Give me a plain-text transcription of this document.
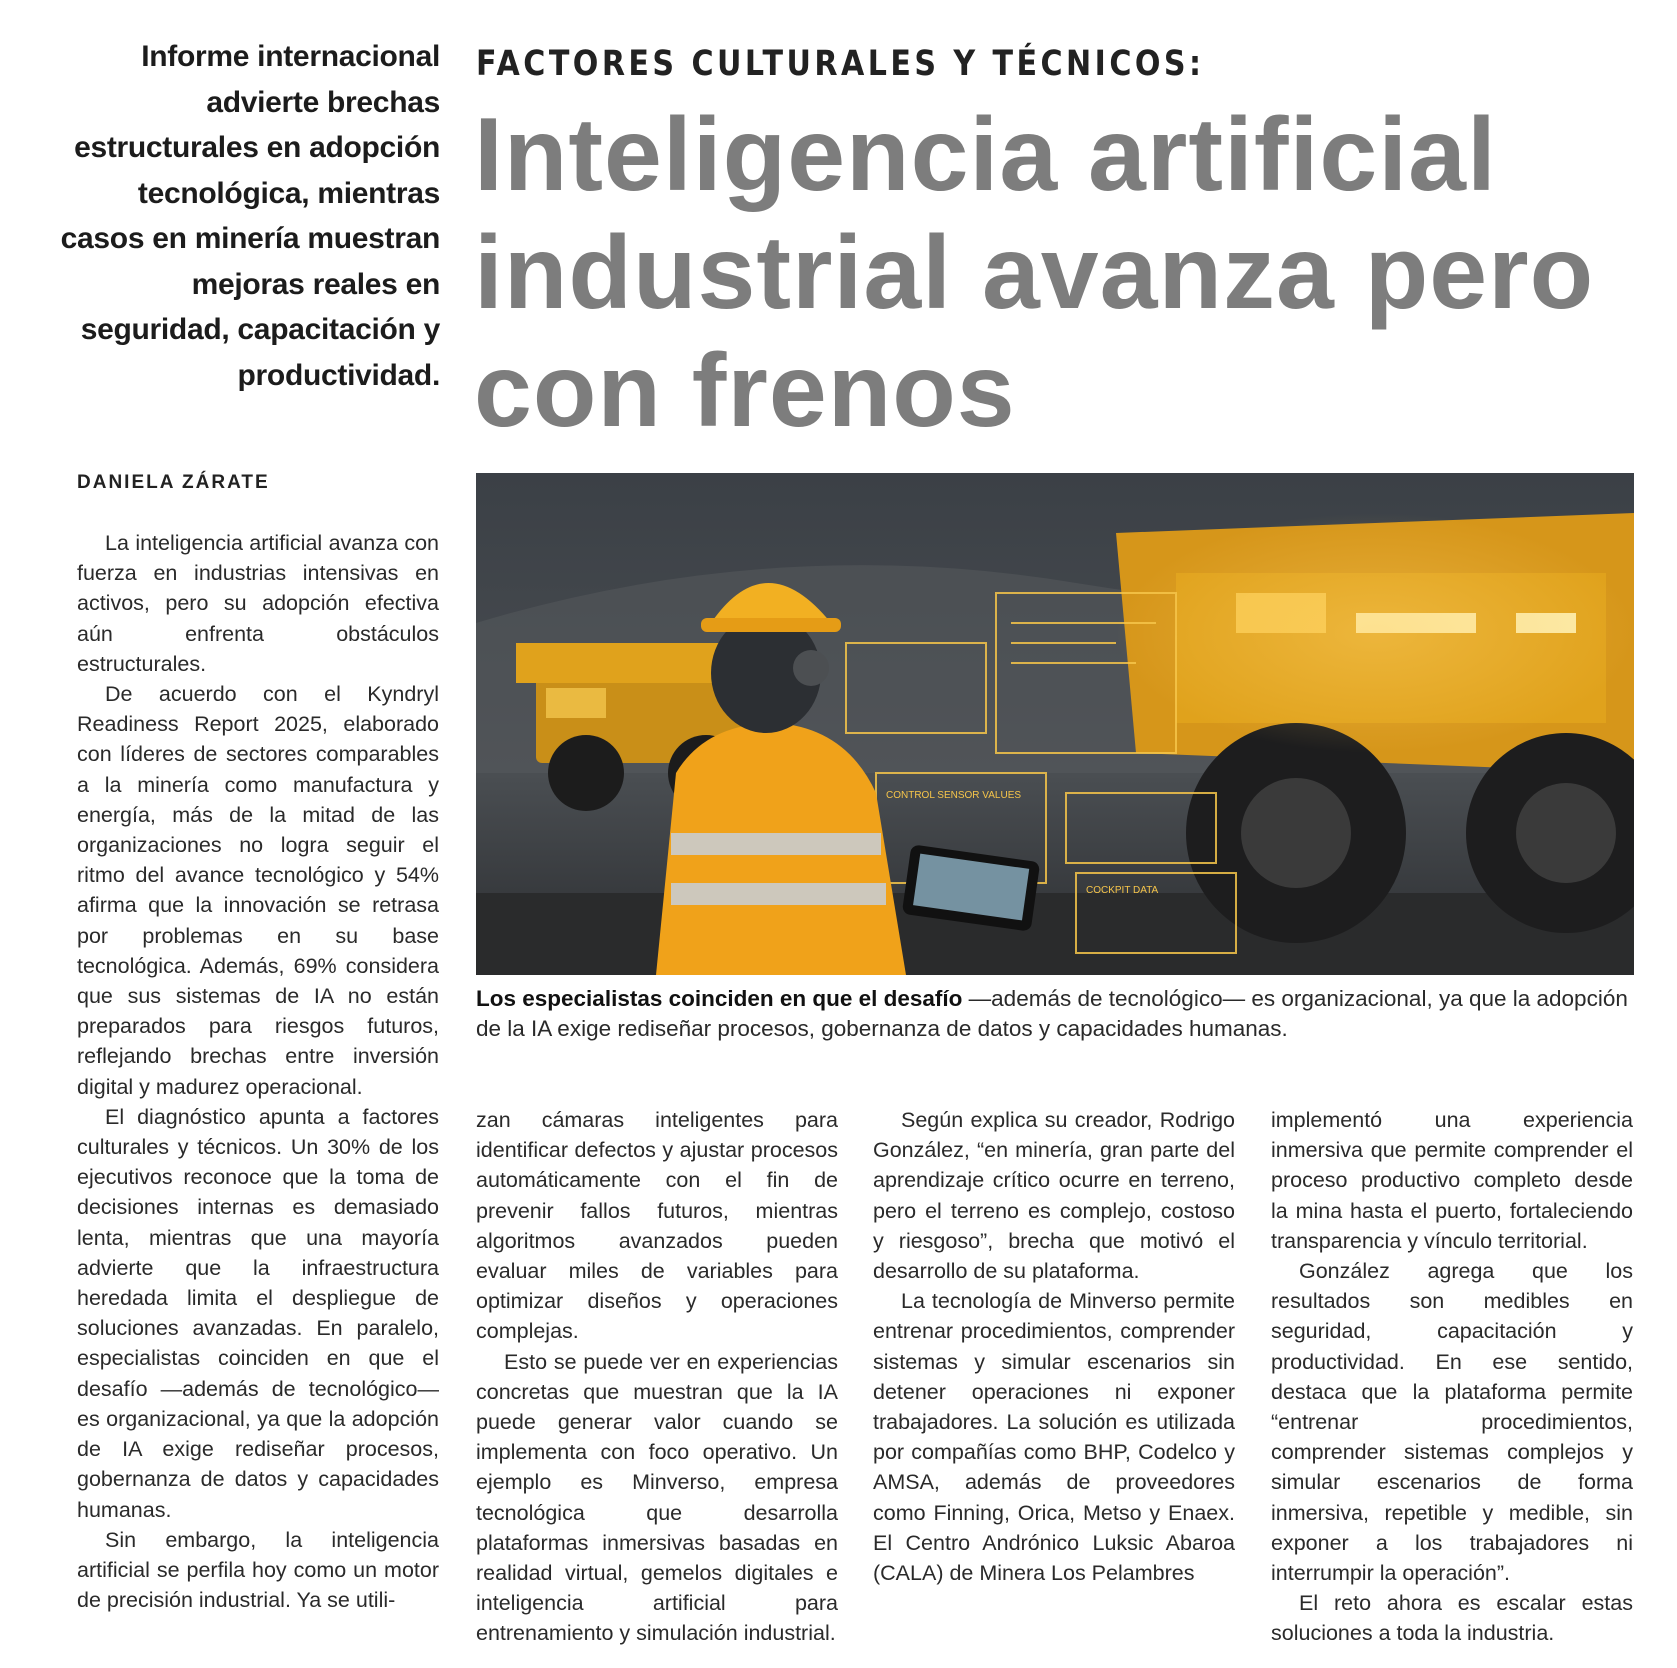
Informe internacional advierte brechas estructurales en adopción tecnológica, mientras casos en minería muestran mejoras reales en seguridad, capacitación y productividad.
FACTORES CULTURALES Y TÉCNICOS:
Inteligencia artificial industrial avanza pero con frenos
DANIELA ZÁRATE

La inteligencia artificial avanza con fuerza en industrias intensivas en activos, pero su adopción efectiva aún enfrenta obstáculos estructurales.

De acuerdo con el Kyndryl Readiness Report 2025, elaborado con líderes de sectores comparables a la minería como manufactura y energía, más de la mitad de las organizaciones no logra seguir el ritmo del avance tecnológico y 54% afirma que la innovación se retrasa por problemas en su base tecnológica. Además, 69% considera que sus sistemas de IA no están preparados para riesgos futuros, reflejando brechas entre inversión digital y madurez operacional.

El diagnóstico apunta a factores culturales y técnicos. Un 30% de los ejecutivos reconoce que la toma de decisiones internas es demasiado lenta, mientras que una mayoría advierte que la infraestructura heredada limita el despliegue de soluciones avanzadas. En paralelo, especialistas coinciden en que el desafío —además de tecnológico— es organizacional, ya que la adopción de IA exige rediseñar procesos, gobernanza de datos y capacidades humanas.

Sin embargo, la inteligencia artificial se perfila hoy como un motor de precisión industrial. Ya se utili-

CONTROL SENSOR VALUES
COCKPIT DATA
Los especialistas coinciden en que el desafío —además de tecnológico— es organizacional, ya que la adopción de la IA exige rediseñar procesos, gobernanza de datos y capacidades humanas.

zan cámaras inteligentes para identificar defectos y ajustar procesos automáticamente con el fin de prevenir fallos futuros, mientras algoritmos avanzados pueden evaluar miles de variables para optimizar diseños y operaciones complejas.

Esto se puede ver en experiencias concretas que muestran que la IA puede generar valor cuando se implementa con foco operativo. Un ejemplo es Minverso, empresa tecnológica que desarrolla plataformas inmersivas basadas en realidad virtual, gemelos digitales e inteligencia artificial para entrenamiento y simulación industrial.

Según explica su creador, Rodrigo González, “en minería, gran parte del aprendizaje crítico ocurre en terreno, pero el terreno es complejo, costoso y riesgoso”, brecha que motivó el desarrollo de su plataforma.

La tecnología de Minverso permite entrenar procedimientos, comprender sistemas y simular escenarios sin detener operaciones ni exponer trabajadores. La solución es utilizada por compañías como BHP, Codelco y AMSA, además de proveedores como Finning, Orica, Metso y Enaex. El Centro Andrónico Luksic Abaroa (CALA) de Minera Los Pelambres

implementó una experiencia inmersiva que permite comprender el proceso productivo completo desde la mina hasta el puerto, fortaleciendo transparencia y vínculo territorial.

González agrega que los resultados son medibles en seguridad, capacitación y productividad. En ese sentido, destaca que la plataforma permite “entrenar procedimientos, comprender sistemas complejos y simular escenarios de forma inmersiva, repetible y medible, sin exponer a los trabajadores ni interrumpir la operación”.

El reto ahora es escalar estas soluciones a toda la industria.
